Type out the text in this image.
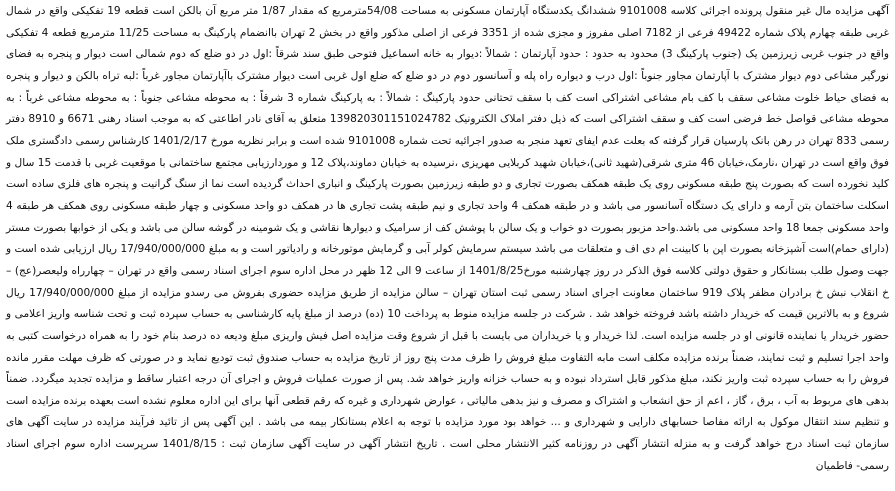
آگهی مزایده مال غیر منقول پرونده اجرائی کلاسه 9101008 ششدانگ یکدستگاه آپارتمان مسکونی به مساحت 54/08مترمربع که مقدار 1/87 متر مربع آن بالکن است قطعه 19 تفکیکی واقع در شمال غربی طبقه چهارم پلاک شماره 49422 فرعی از 7182 اصلی مفروز و مجزی شده از 3351 فرعی از اصلی مذکور واقع در بخش 2 تهران باانضمام پارکینگ به مساحت 11/25 مترمربع قطعه 4 تفکیکی واقع در جنوب غربی زیرزمین یک (جنوب پارکینگ 3) محدود به حدود : حدود آپارتمان : شمالاً :دیوار به خانه اسماعیل فتوحی طبق سند شرقاً :اول در دو ضلع که دوم شمالی است دیوار و پنجره به فضای نورگیر مشاعی دوم دیوار مشترک با آپارتمان مجاور جنوباً :اول درب و دیواره راه پله و آسانسور دوم در دو ضلع که ضلع اول غربی است دیوار مشترک باآپارتمان مجاور غرباً :لبه تراه بالکن و دیوار و پنجره به فضای حیاط خلوت مشاعی سقف با کف بام مشاعی اشتراکی است کف با سقف تحتانی حدود پارکینگ : شمالاً : به پارکینگ شماره 3 شرقاً : به محوطه مشاعی جنوباً : به محوطه مشاعی غرباً : به محوطه مشاعی قواصل خط فرضی است کف و سقف اشتراکی است که ذیل دفتر املاک الکترونیک 139820301151024782 متعلق به آقای نادر اطاعتی که به موجب اسناد رهنی 6671 و 8910 دفتر رسمی 833 تهران در رهن بانک پارسیان قرار گرفته که بعلت عدم ایفای تعهد منجر به صدور اجرائیه تحت شماره 9101008 شده است و برابر نظریه مورخ 1401/2/17 کارشناس رسمی دادگستری ملک فوق واقع است در تهران ،نارمک،خیابان 46 متری شرقی(شهید ثانی)،خیابان شهید کربلایی مهریزی ،نرسیده به خیابان دماوند،پلاک 12 و موردارزیابی مجتمع ساختمانی با موقعیت غربی با قدمت 15 سال و کلید نخورده است که بصورت پنج طبقه مسکونی روی یک طبقه همکف بصورت تجاری و دو طبقه زیرزمین بصورت پارکینگ و انباری احداث گردیده است نما از سنگ گرانیت و پنجره های فلزی ساده است اسکلت ساختمان بتن آرمه و دارای یک دستگاه آسانسور می باشد و در طبقه همکف 4 واحد تجاری و نیم طبقه پشت تجاری ها در همکف دو واحد مسکونی و چهار طبقه مسکونی روی همکف هر طبقه 4 واحد مسکونی جمعا 18 واحد مسکونی می باشد.واحد مزبور بصورت دو خواب و یک سالن با پوشش کف از سرامیک و دیوارها نقاشی و یک شومینه در گوشه سالن می باشد و یکی از خوابها بصورت مستر (دارای حمام)است آشپزخانه بصورت اپن با کابینت ام دی اف و متعلقات می باشد سیستم سرمایش کولر آبی و گرمایش موتورخانه و رادیاتور است و به مبلغ 17/940/000/000 ریال ارزیابی شده است و جهت وصول طلب بستانکار و حقوق دولتی کلاسه فوق الذکر در روز چهارشنبه مورخ1401/8/25 از ساعت 9 الی 12 ظهر در محل اداره سوم اجرای اسناد رسمی واقع در تهران – چهارراه ولیعصر(عج) –خ انقلاب نبش خ برادران مظفر پلاک 919 ساختمان معاونت اجرای اسناد رسمی ثبت استان تهران – سالن مزایده از طریق مزایده حضوری بفروش می رسدو مزایده از مبلغ 17/940/000/000 ریال شروع و به بالاترین قیمت که خریدار داشته باشد فروخته خواهد شد . شرکت در جلسه مزایده منوط به پرداخت 10 (ده) درصد از مبلغ پایه کارشناسی به حساب سپرده ثبت و تحت شناسه واریز اعلامی و حضور خریدار یا نماینده قانونی او در جلسه مزایده است. لذا خریدار و یا خریداران می بایست با قبل از شروع وقت مزایده اصل فیش واریزی مبلغ ودیعه ده درصد بنام خود را به همراه درخواست کتبی به واحد اجرا تسلیم و ثبت نمایند، ضمناً برنده مزایده مکلف است مابه التفاوت مبلغ فروش را ظرف مدت پنج روز از تاریخ مزایده به حساب صندوق ثبت تودیع نماید و در صورتی که ظرف مهلت مقرر مانده فروش را به حساب سپرده ثبت واریز نکند، مبلغ مذکور قابل استرداد نبوده و به حساب خزانه واریز خواهد شد. پس از صورت عملیات فروش و اجرای آن درجه اعتبار ساقط و مزایده تجدید میگردد. ضمناً بدهی های مربوط به آب ، برق ، گاز ، اعم از حق انشعاب و اشتراک و مصرف و نیز بدهی مالیاتی ، عوارض شهرداری و غیره که رقم قطعی آنها برای این اداره معلوم نشده است بعهده برنده مزایده است و تنظیم سند انتقال موکول به ارائه مفاصا حسابهای دارایی و شهرداری و ... خواهد بود مورد مزایده با توجه به اعلام بستانکار بیمه می باشد . این آگهی پس از تائید فرآیند مزایده در سایت آگهی های سازمان ثبت اسناد درج خواهد گرفت و به منزله انتشار آگهی در روزنامه کثیر الانتشار محلی است . تاریخ انتشار آگهی در سایت آگهی سازمان ثبت : 1401/8/15 سرپرست اداره سوم اجرای اسناد رسمی- فاطمیان
